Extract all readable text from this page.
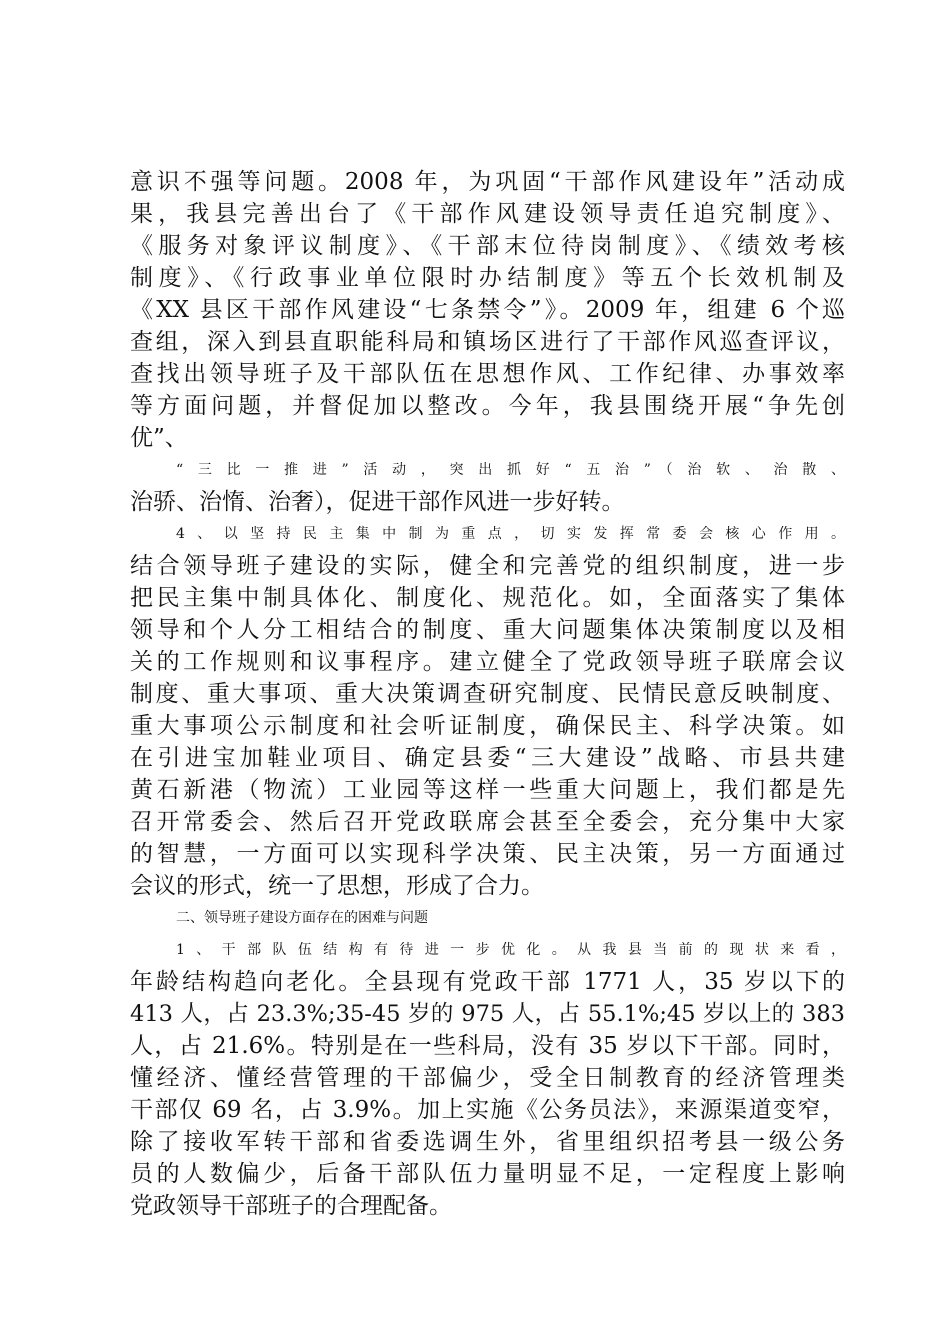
意识不强等问题。2008 年，为巩固“干部作风建设年”活动成
果，我县完善出台了《干部作风建设领导责任追究制度》、
《服务对象评议制度》、《干部末位待岗制度》、《绩效考核
制度》、《行政事业单位限时办结制度》等五个长效机制及
《XX 县区干部作风建设“七条禁令”》。2009 年，组建 6 个巡
查组，深入到县直职能科局和镇场区进行了干部作风巡查评议，
查找出领导班子及干部队伍在思想作风、工作纪律、办事效率
等方面问题，并督促加以整改。今年，我县围绕开展“争先创
优”、
“三比一推进”活动，突出抓好“五治”（治软、治散、
治骄、治惰、治奢），促进干部作风进一步好转。
4、以坚持民主集中制为重点，切实发挥常委会核心作用。
结合领导班子建设的实际，健全和完善党的组织制度，进一步
把民主集中制具体化、制度化、规范化。如，全面落实了集体
领导和个人分工相结合的制度、重大问题集体决策制度以及相
关的工作规则和议事程序。建立健全了党政领导班子联席会议
制度、重大事项、重大决策调查研究制度、民情民意反映制度、
重大事项公示制度和社会听证制度，确保民主、科学决策。如
在引进宝加鞋业项目、确定县委“三大建设”战略、市县共建
黄石新港（物流）工业园等这样一些重大问题上，我们都是先
召开常委会、然后召开党政联席会甚至全委会，充分集中大家
的智慧，一方面可以实现科学决策、民主决策，另一方面通过
会议的形式，统一了思想，形成了合力。
二、领导班子建设方面存在的困难与问题
1、干部队伍结构有待进一步优化。从我县当前的现状来看，
年龄结构趋向老化。全县现有党政干部 1771 人，35 岁以下的
413 人，占 23.3%;35-45 岁的 975 人，占 55.1%;45 岁以上的 383
人，占 21.6%。特别是在一些科局，没有 35 岁以下干部。同时，
懂经济、懂经营管理的干部偏少，受全日制教育的经济管理类
干部仅 69 名，占 3.9%。加上实施《公务员法》，来源渠道变窄，
除了接收军转干部和省委选调生外，省里组织招考县一级公务
员的人数偏少，后备干部队伍力量明显不足，一定程度上影响
党政领导干部班子的合理配备。
